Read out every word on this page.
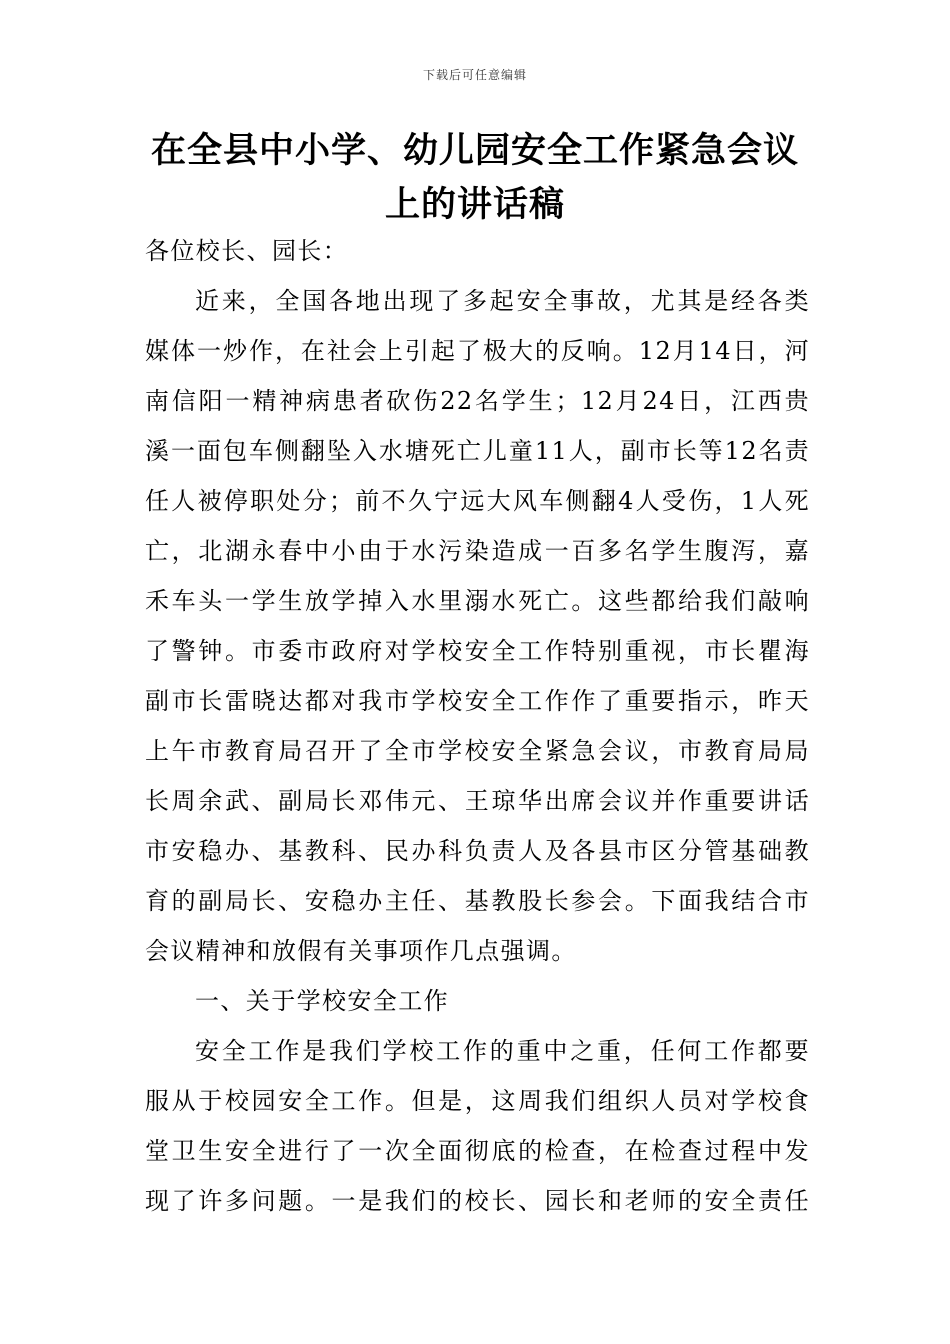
下载后可任意编辑
在全县中小学、幼儿园安全工作紧急会议
上的讲话稿

各位校长、园长：

近来，全国各地出现了多起安全事故，尤其是经各类
媒体一炒作，在社会上引起了极大的反响。12月14日，河
南信阳一精神病患者砍伤22名学生；12月24日，江西贵
溪一面包车侧翻坠入水塘死亡儿童11人，副市长等12名责
任人被停职处分；前不久宁远大风车侧翻4人受伤，1人死
亡，北湖永春中小由于水污染造成一百多名学生腹泻，嘉
禾车头一学生放学掉入水里溺水死亡。这些都给我们敲响
了警钟。市委市政府对学校安全工作特别重视，市长瞿海
副市长雷晓达都对我市学校安全工作作了重要指示，昨天
上午市教育局召开了全市学校安全紧急会议，市教育局局
长周余武、副局长邓伟元、王琼华出席会议并作重要讲话
市安稳办、基教科、民办科负责人及各县市区分管基础教
育的副局长、安稳办主任、基教股长参会。下面我结合市
会议精神和放假有关事项作几点强调。

一、关于学校安全工作

安全工作是我们学校工作的重中之重，任何工作都要
服从于校园安全工作。但是，这周我们组织人员对学校食
堂卫生安全进行了一次全面彻底的检查，在检查过程中发
现了许多问题。一是我们的校长、园长和老师的安全责任
